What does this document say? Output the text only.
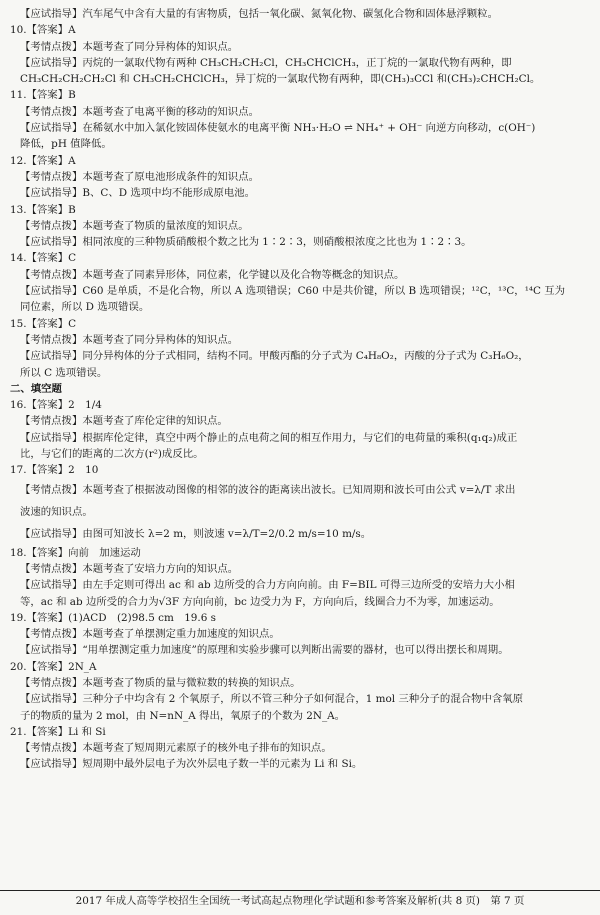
【应试指导】汽车尾气中含有大量的有害物质，包括一氧化碳、氮氧化物、碳氢化合物和固体悬浮颗粒。
10.【答案】A
【考情点拨】本题考查了同分异构体的知识点。
【应试指导】丙烷的一氯取代物有两种 CH₃CH₂CH₂Cl，CH₃CHClCH₃，正丁烷的一氯取代物有两种，即
CH₃CH₂CH₂CH₂Cl 和 CH₃CH₂CHClCH₃，异丁烷的一氯取代物有两种，即(CH₃)₃CCl 和(CH₃)₂CHCH₂Cl。
11.【答案】B
【考情点拨】本题考查了电离平衡的移动的知识点。
【应试指导】在稀氨水中加入氯化铵固体使氨水的电离平衡 NH₃·H₂O ⇌ NH₄⁺ + OH⁻ 向逆方向移动，c(OH⁻)
降低，pH 值降低。
12.【答案】A
【考情点拨】本题考查了原电池形成条件的知识点。
【应试指导】B、C、D 选项中均不能形成原电池。
13.【答案】B
【考情点拨】本题考查了物质的量浓度的知识点。
【应试指导】相同浓度的三种物质硝酸根个数之比为 1∶2∶3，则硝酸根浓度之比也为 1∶2∶3。
14.【答案】C
【考情点拨】本题考查了同素异形体，同位素，化学键以及化合物等概念的知识点。
【应试指导】C60 是单质，不是化合物，所以 A 选项错误；C60 中是共价键，所以 B 选项错误；¹²C，¹³C，¹⁴C 互为
同位素，所以 D 选项错误。
15.【答案】C
【考情点拨】本题考查了同分异构体的知识点。
【应试指导】同分异构体的分子式相同，结构不同。甲酸丙酯的分子式为 C₄H₈O₂，丙酸的分子式为 C₃H₆O₂，
所以 C 选项错误。
二、填空题
16.【答案】2　1/4
【考情点拨】本题考查了库伦定律的知识点。
【应试指导】根据库伦定律，真空中两个静止的点电荷之间的相互作用力，与它们的电荷量的乘积(q₁q₂)成正
比，与它们的距离的二次方(r²)成反比。
17.【答案】2　10
【考情点拨】本题考查了根据波动图像的相邻的波谷的距离读出波长。已知周期和波长可由公式 v=λ/T 求出
波速的知识点。
【应试指导】由图可知波长 λ=2 m，则波速 v=λ/T=2/0.2 m/s=10 m/s。
18.【答案】向前　加速运动
【考情点拨】本题考查了安培力方向的知识点。
【应试指导】由左手定则可得出 ac 和 ab 边所受的合力方向向前。由 F=BIL 可得三边所受的安培力大小相
等，ac 和 ab 边所受的合力为√3F 方向向前，bc 边受力为 F，方向向后，线圈合力不为零，加速运动。
19.【答案】(1)ACD　(2)98.5 cm　19.6 s
【考情点拨】本题考查了单摆测定重力加速度的知识点。
【应试指导】“用单摆测定重力加速度”的原理和实验步骤可以判断出需要的器材，也可以得出摆长和周期。
20.【答案】2N_A
【考情点拨】本题考查了物质的量与微粒数的转换的知识点。
【应试指导】三种分子中均含有 2 个氧原子，所以不管三种分子如何混合，1 mol 三种分子的混合物中含氧原
子的物质的量为 2 mol，由 N=nN_A 得出，氧原子的个数为 2N_A。
21.【答案】Li 和 Si
【考情点拨】本题考查了短周期元素原子的核外电子排布的知识点。
【应试指导】短周期中最外层电子为次外层电子数一半的元素为 Li 和 Si。
2017 年成人高等学校招生全国统一考试高起点物理化学试题和参考答案及解析(共 8 页)　第 7 页
